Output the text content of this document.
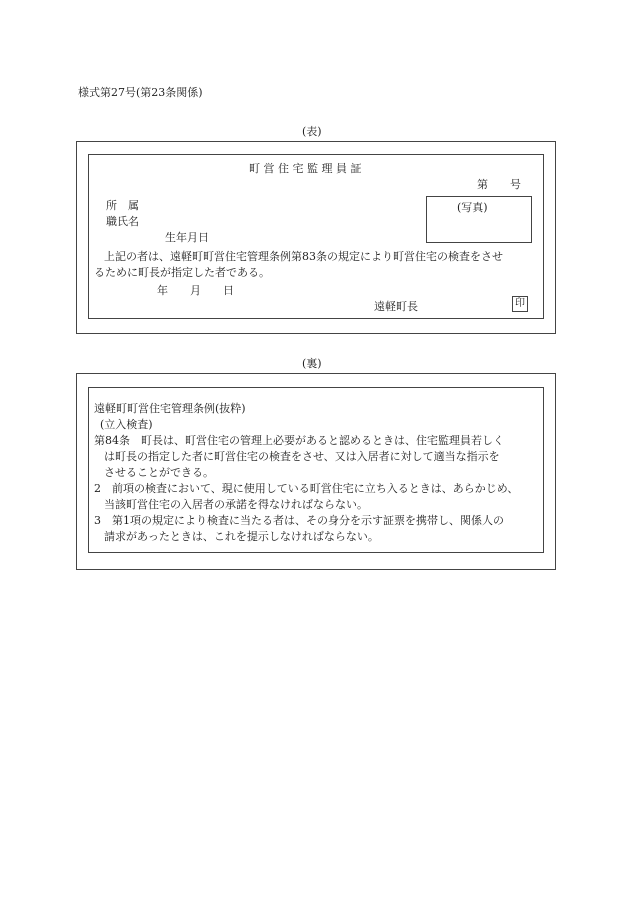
様式第27号(第23条関係)
(表)
町 営 住 宅 監 理 員 証
第　　号
所　属
職氏名
生年月日
(写真)
上記の者は、遠軽町町営住宅管理条例第83条の規定により町営住宅の検査をさせ
るために町長が指定した者である。
年　　月　　日
遠軽町長	印
(裏)
遠軽町町営住宅管理条例(抜粋)
(立入検査)
第84条　町長は、町営住宅の管理上必要があると認めるときは、住宅監理員若しく
は町長の指定した者に町営住宅の検査をさせ、又は入居者に対して適当な指示を
させることができる。
2　前項の検査において、現に使用している町営住宅に立ち入るときは、あらかじめ、
当該町営住宅の入居者の承諾を得なければならない。
3　第1項の規定により検査に当たる者は、その身分を示す証票を携帯し、関係人の
請求があったときは、これを提示しなければならない。
